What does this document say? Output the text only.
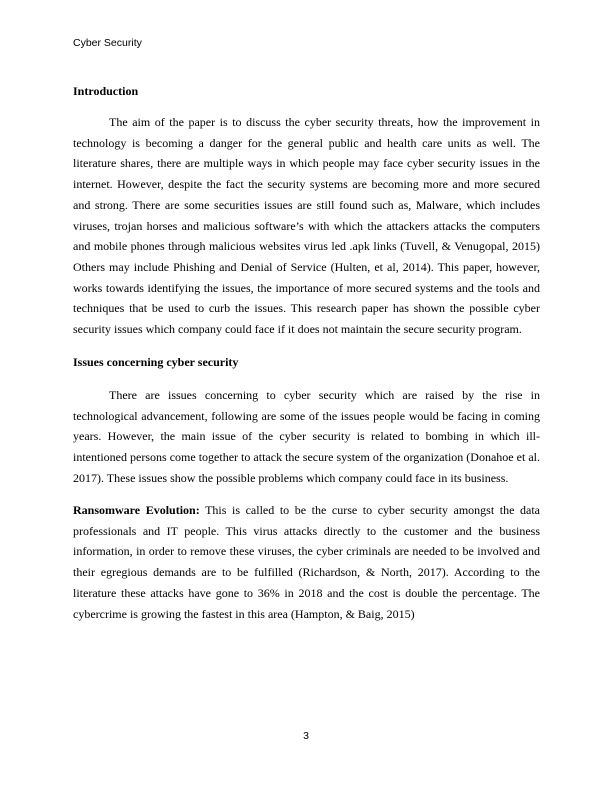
Cyber Security
Introduction

The aim of the paper is to discuss the cyber security threats, how the improvement in technology is becoming a danger for the general public and health care units as well. The literature shares, there are multiple ways in which people may face cyber security issues in the internet. However, despite the fact the security systems are becoming more and more secured and strong. There are some securities issues are still found such as, Malware, which includes viruses, trojan horses and malicious software’s with which the attackers attacks the computers and mobile phones through malicious websites virus led .apk links (Tuvell, & Venugopal, 2015) Others may include Phishing and Denial of Service (Hulten, et al, 2014). This paper, however, works towards identifying the issues, the importance of more secured systems and the tools and techniques that be used to curb the issues. This research paper has shown the possible cyber security issues which company could face if it does not maintain the secure security program.

Issues concerning cyber security

There are issues concerning to cyber security which are raised by the rise in technological advancement, following are some of the issues people would be facing in coming years. However, the main issue of the cyber security is related to bombing in which ill-intentioned persons come together to attack the secure system of the organization (Donahoe et al. 2017). These issues show the possible problems which company could face in its business.

Ransomware Evolution: This is called to be the curse to cyber security amongst the data professionals and IT people. This virus attacks directly to the customer and the business information, in order to remove these viruses, the cyber criminals are needed to be involved and their egregious demands are to be fulfilled (Richardson, & North, 2017). According to the literature these attacks have gone to 36% in 2018 and the cost is double the percentage. The cybercrime is growing the fastest in this area (Hampton, & Baig, 2015)

3
